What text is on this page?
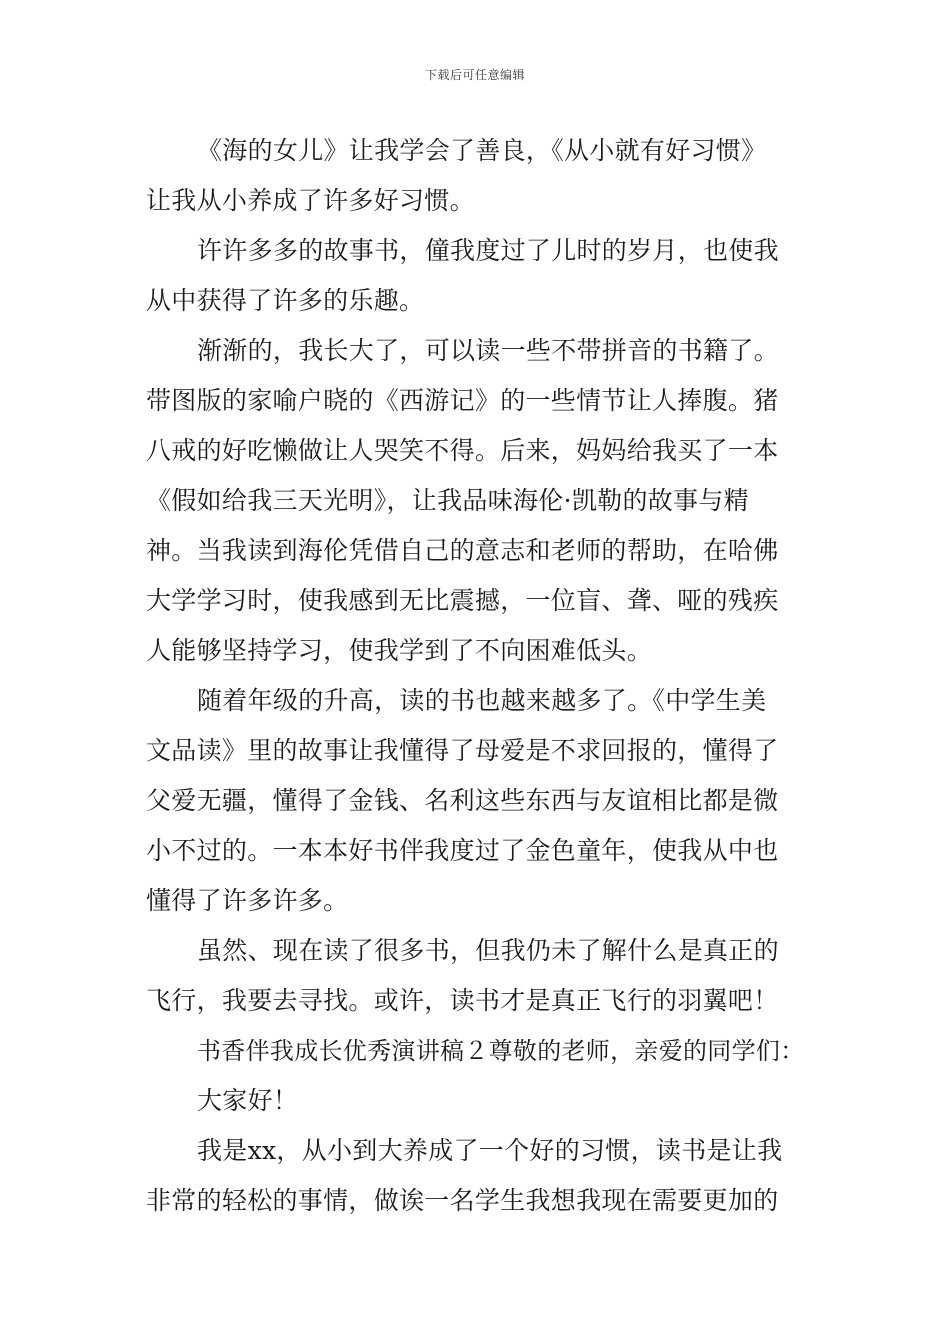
下载后可任意编辑
《海的女儿》让我学会了善良，《从小就有好习惯》
让我从小养成了许多好习惯。
许许多多的故事书，僮我度过了儿时的岁月，也使我
从中获得了许多的乐趣。
渐渐的，我长大了，可以读一些不带拼音的书籍了。
带图版的家喻户晓的《西游记》的一些情节让人捧腹。猪
八戒的好吃懒做让人哭笑不得。后来，妈妈给我买了一本
《假如给我三天光明》，让我品味海伦·凯勒的故事与精
神。当我读到海伦凭借自己的意志和老师的帮助，在哈佛
大学学习时，使我感到无比震撼，一位盲、聋、哑的残疾
人能够坚持学习，使我学到了不向困难低头。
随着年级的升高，读的书也越来越多了。《中学生美
文品读》里的故事让我懂得了母爱是不求回报的，懂得了
父爱无疆，懂得了金钱、名利这些东西与友谊相比都是微
小不过的。一本本好书伴我度过了金色童年，使我从中也
懂得了许多许多。
虽然、现在读了很多书，但我仍未了解什么是真正的
飞行，我要去寻找。或许，读书才是真正飞行的羽翼吧！
书香伴我成长优秀演讲稿２尊敬的老师，亲爱的同学们：
大家好！
我是xx，从小到大养成了一个好的习惯，读书是让我
非常的轻松的事情，做诶一名学生我想我现在需要更加的
